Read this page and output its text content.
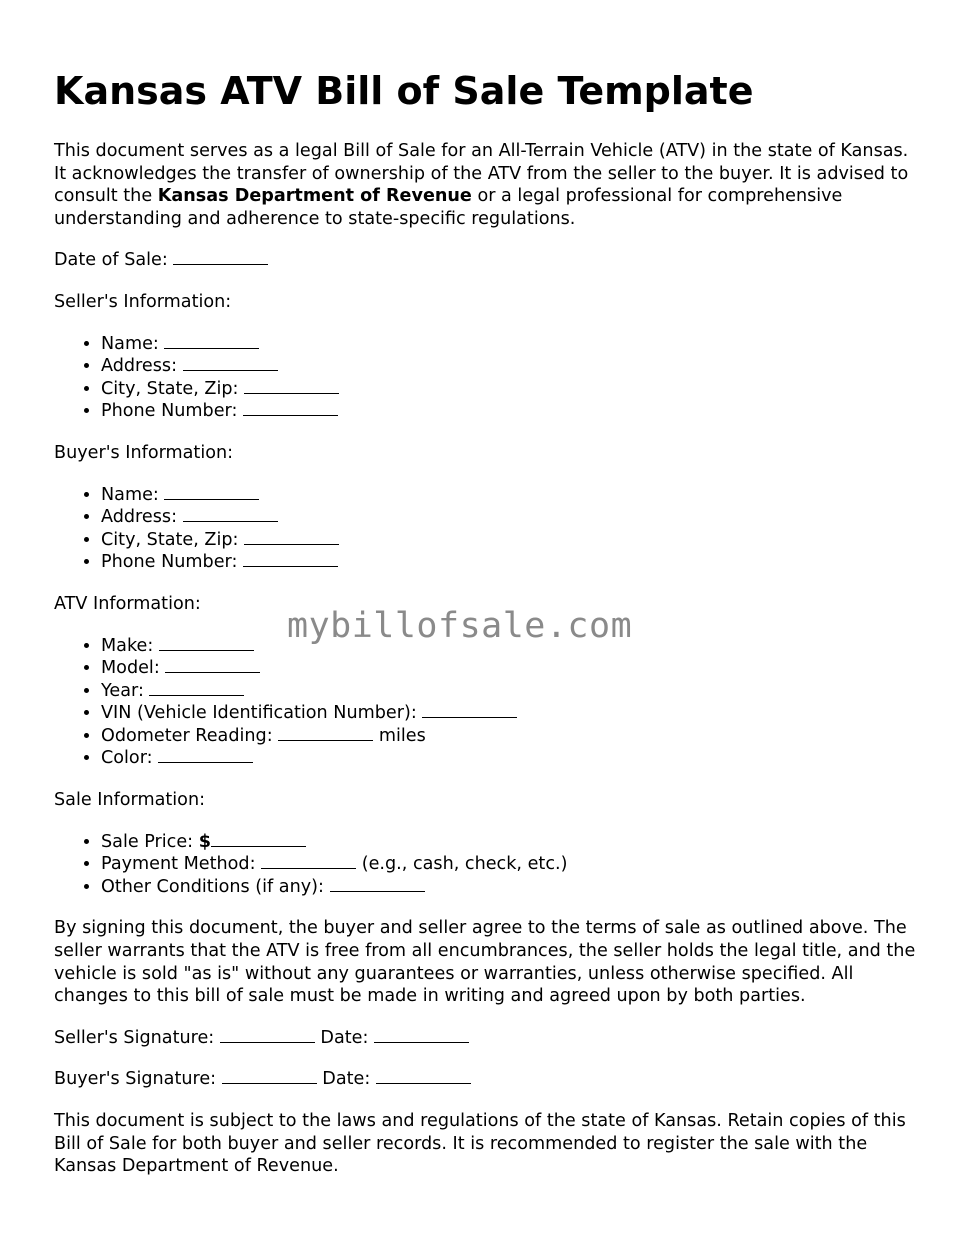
Kansas ATV Bill of Sale Template

This document serves as a legal Bill of Sale for an All-Terrain Vehicle (ATV) in the state of Kansas. It acknowledges the transfer of ownership of the ATV from the seller to the buyer. It is advised to consult the Kansas Department of Revenue or a legal professional for comprehensive understanding and adherence to state-specific regulations.

Date of Sale:

Seller's Information:

• Name:
• Address:
• City, State, Zip:
• Phone Number:

Buyer's Information:

• Name:
• Address:
• City, State, Zip:
• Phone Number:

ATV Information:

• Make:
• Model:
• Year:
• VIN (Vehicle Identification Number):
• Odometer Reading:	miles
• Color:

Sale Information:

• Sale Price: $
• Payment Method:	(e.g., cash, check, etc.)
• Other Conditions (if any):

By signing this document, the buyer and seller agree to the terms of sale as outlined above. The seller warrants that the ATV is free from all encumbrances, the seller holds the legal title, and the vehicle is sold "as is" without any guarantees or warranties, unless otherwise specified. All changes to this bill of sale must be made in writing and agreed upon by both parties.

Seller's Signature:	Date:

Buyer's Signature:	Date:

This document is subject to the laws and regulations of the state of Kansas. Retain copies of this Bill of Sale for both buyer and seller records. It is recommended to register the sale with the Kansas Department of Revenue.

mybillofsale.com
